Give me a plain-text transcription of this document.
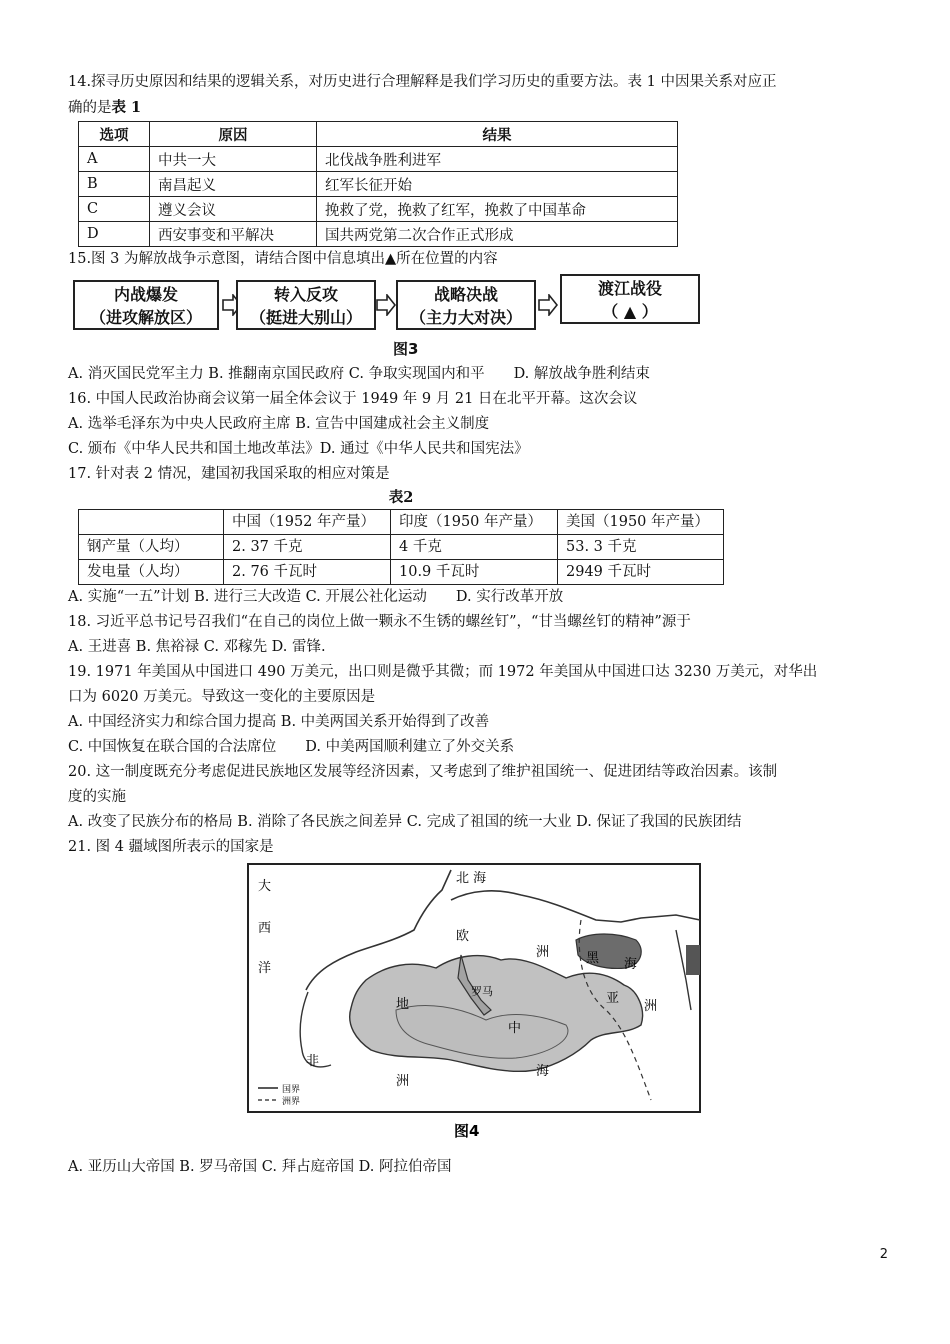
14.探寻历史原因和结果的逻辑关系，对历史进行合理解释是我们学习历史的重要方法。表 1 中因果关系对应正
确的是表 1
选项	原因	结果
A	中共一大	北伐战争胜利进军
B	南昌起义	红军长征开始
C	遵义会议	挽救了党，挽救了红军，挽救了中国革命
D	西安事变和平解决	国共两党第二次合作正式形成
15.图 3 为解放战争示意图，请结合图中信息填出▲所在位置的内容
内战爆发
（进攻解放区）
转入反攻
（挺进大别山）
战略决战
（主力大对决）
渡江战役
（ ▲ ）
图3
A. 消灭国民党军主力 B. 推翻南京国民政府 C. 争取实现国内和平　　D. 解放战争胜利结束
16. 中国人民政治协商会议第一届全体会议于 1949 年 9 月 21 日在北平开幕。这次会议
A. 选举毛泽东为中央人民政府主席 B. 宣告中国建成社会主义制度
C. 颁布《中华人民共和国土地改革法》D. 通过《中华人民共和国宪法》
17. 针对表 2 情况，建国初我国采取的相应对策是
表2
	中国（1952 年产量）	印度（1950 年产量）	美国（1950 年产量）
钢产量（人均）	2. 37 千克	4 千克	53. 3 千克
发电量（人均）	2. 76 千瓦时	10.9 千瓦时	2949 千瓦时
A. 实施“一五”计划 B. 进行三大改造 C. 开展公社化运动　　D. 实行改革开放
18. 习近平总书记号召我们“在自己的岗位上做一颗永不生锈的螺丝钉”，“甘当螺丝钉的精神”源于
A. 王进喜 B. 焦裕禄 C. 邓稼先 D. 雷锋.
19. 1971 年美国从中国进口 490 万美元，出口则是微乎其微；而 1972 年美国从中国进口达 3230 万美元，对华出
口为 6020 万美元。导致这一变化的主要原因是
A. 中国经济实力和综合国力提高 B. 中美两国关系开始得到了改善
C. 中国恢复在联合国的合法席位　　D. 中美两国顺利建立了外交关系
20. 这一制度既充分考虑促进民族地区发展等经济因素，又考虑到了维护祖国统一、促进团结等政治因素。该制
度的实施
A. 改变了民族分布的格局 B. 消除了各民族之间差异 C. 完成了祖国的统一大业 D. 保证了我国的民族团结
21. 图 4 疆域图所表示的国家是
大
西
洋
北 海
欧
洲	黑 海
亚
洲
罗马
地
中
海
非
洲
国界
洲界
图4
A. 亚历山大帝国 B. 罗马帝国 C. 拜占庭帝国 D. 阿拉伯帝国
2
